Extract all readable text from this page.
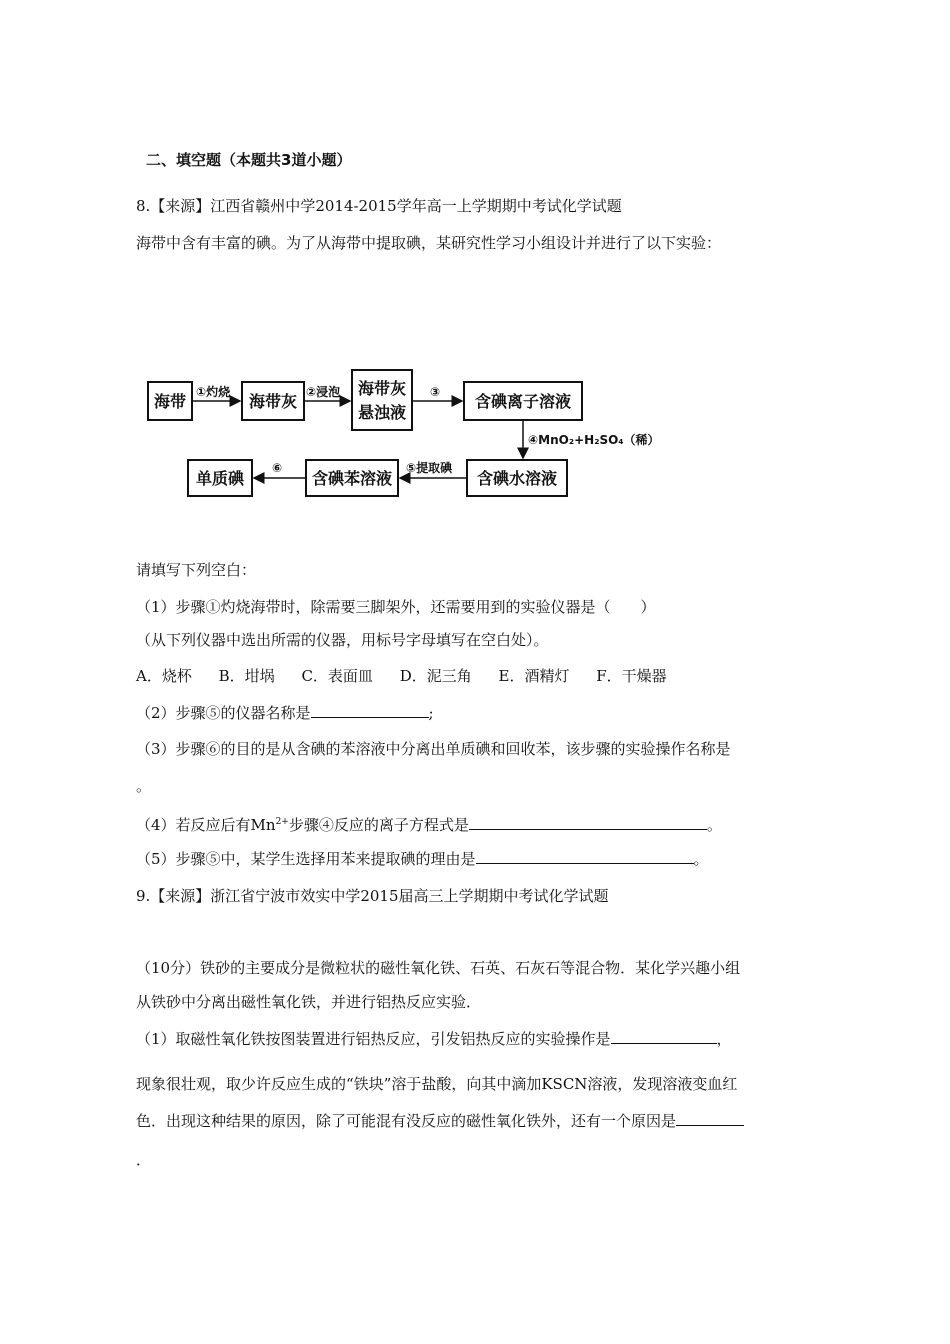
二、填空题（本题共3道小题）
8.【来源】江西省赣州中学2014-2015学年高一上学期期中考试化学试题
海带中含有丰富的碘。为了从海带中提取碘，某研究性学习小组设计并进行了以下实验：
海带	海带灰
海带灰
悬浊液
含碘离子溶液
含碘水溶液
含碘苯溶液
单质碘
①灼烧	②浸泡	③
④MnO₂+H₂SO₄（稀）
⑤提取碘
⑥
请填写下列空白：
（1）步骤①灼烧海带时，除需要三脚架外，还需要用到的实验仪器是（　　）
（从下列仪器中选出所需的仪器，用标号字母填写在空白处）。
A．烧杯 B．坩埚 C．表面皿 D．泥三角 E．酒精灯 F．干燥器
（2）步骤⑤的仪器名称是	;
（3）步骤⑥的目的是从含碘的苯溶液中分离出单质碘和回收苯，该步骤的实验操作名称是
。
（4）若反应后有$Mn^{2+}$步骤④反应的离子方程式是	。
（5）步骤⑤中，某学生选择用苯来提取碘的理由是	。
9.【来源】浙江省宁波市效实中学2015届高三上学期期中考试化学试题
（10分）铁砂的主要成分是微粒状的磁性氧化铁、石英、石灰石等混合物．某化学兴趣小组
从铁砂中分离出磁性氧化铁，并进行铝热反应实验．
（1）取磁性氧化铁按图装置进行铝热反应，引发铝热反应的实验操作是	，
现象很壮观，取少许反应生成的“铁块”溶于盐酸，向其中滴加KSCN溶液，发现溶液变血红
色．出现这种结果的原因，除了可能混有没反应的磁性氧化铁外，还有一个原因是
．
